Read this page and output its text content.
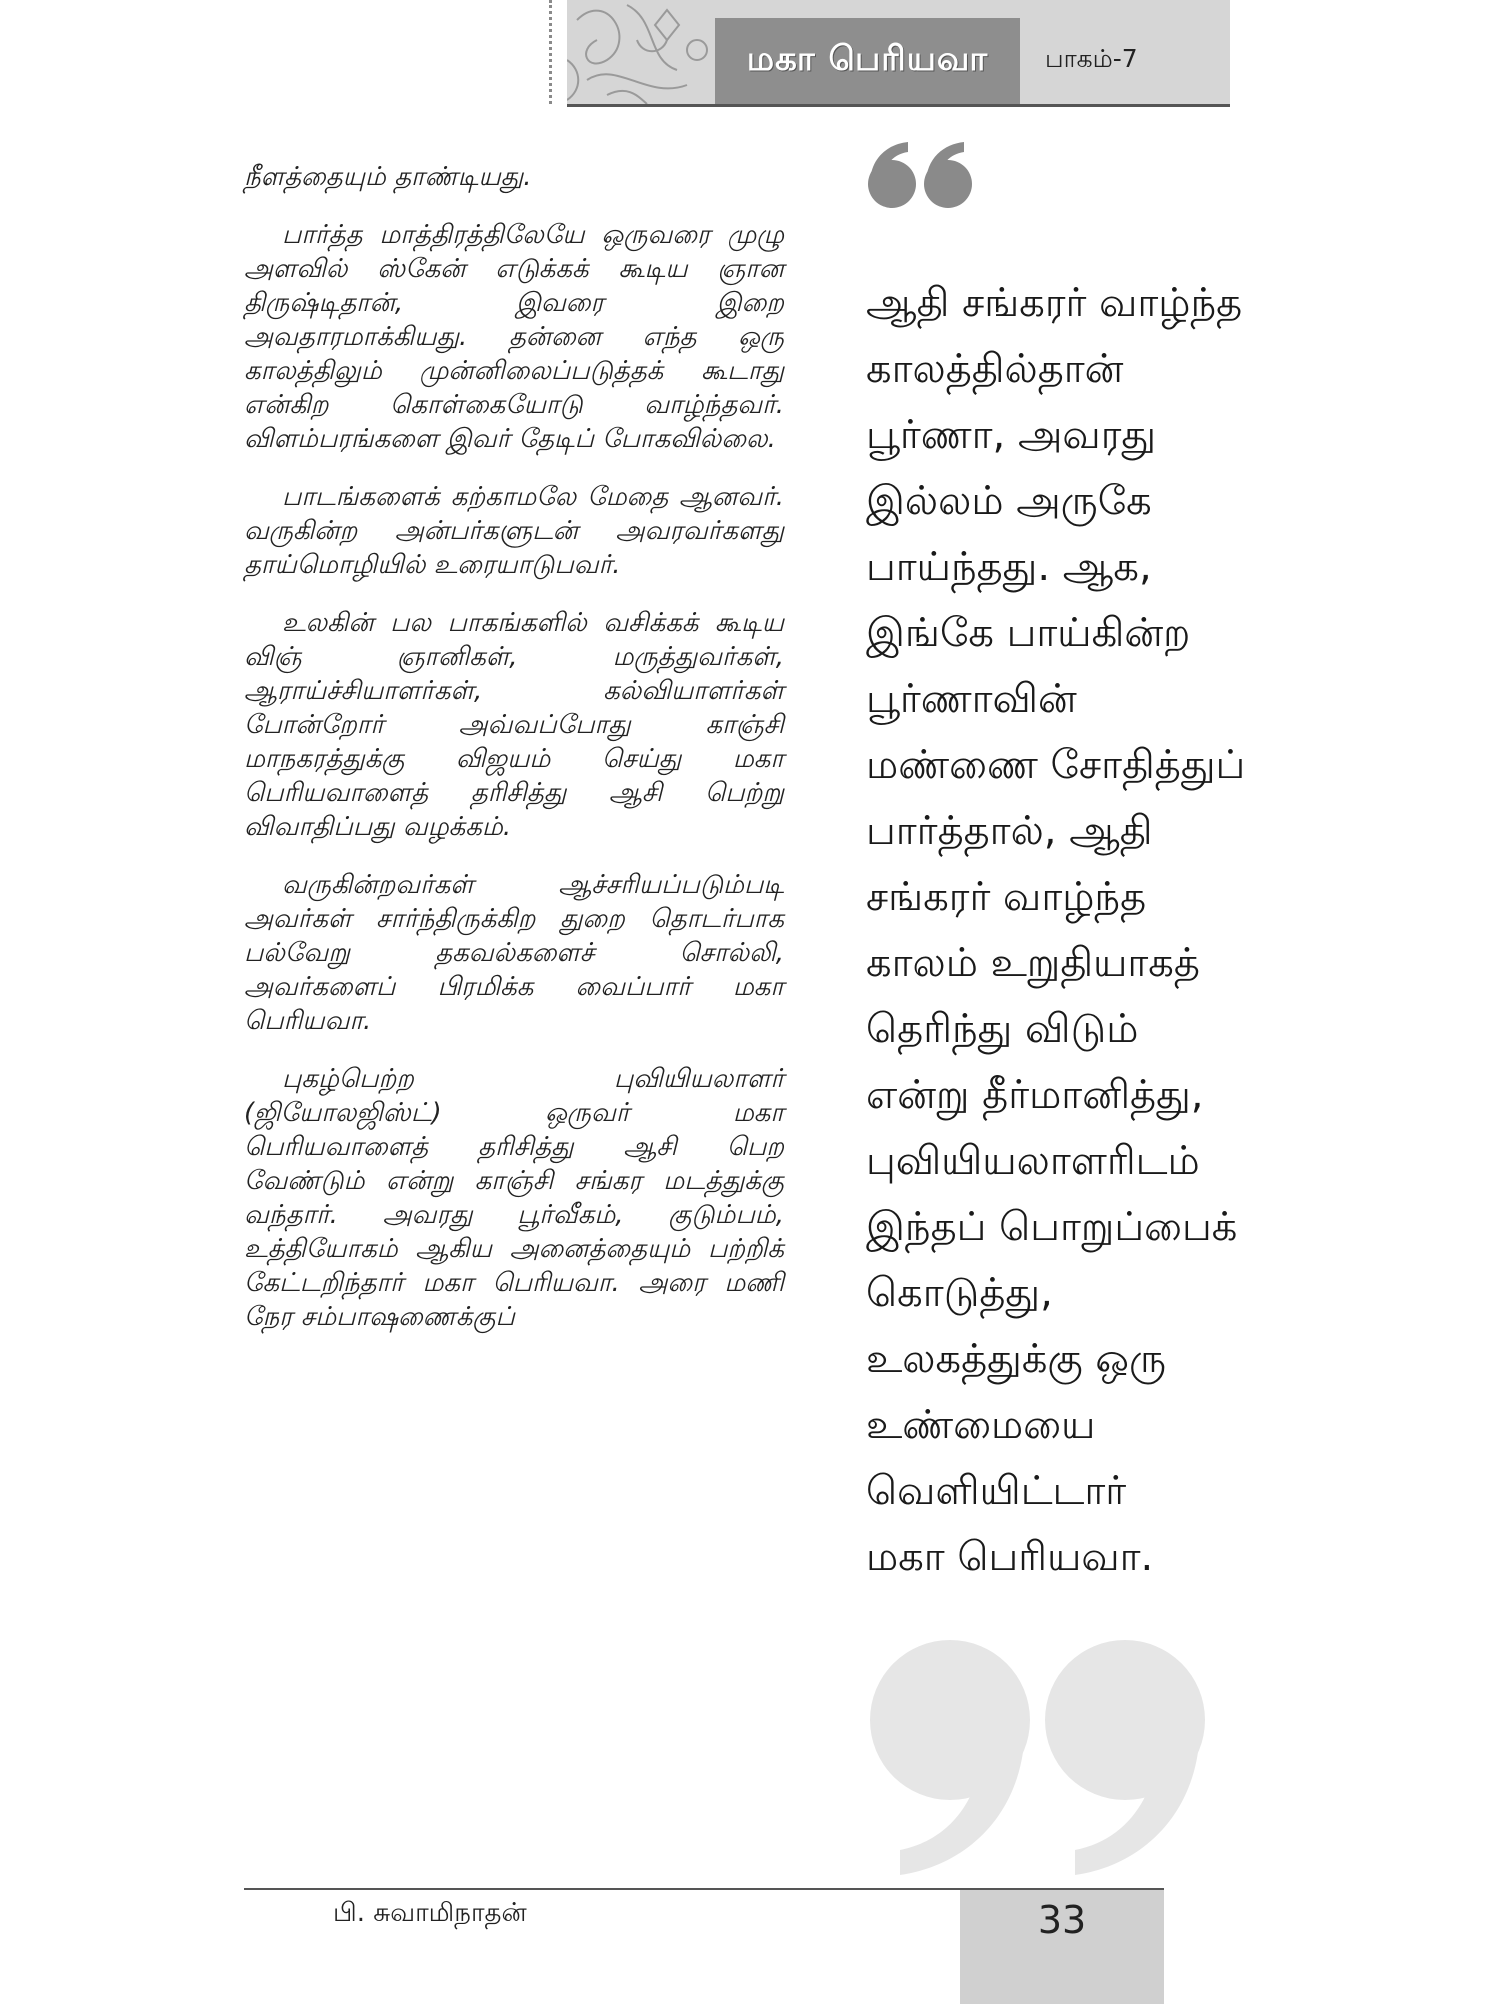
மகா பெரியவா பாகம்-7

நீளத்தையும் தாண்டியது.

பார்த்த மாத்திரத்திலேயே ஒருவரை முழு அளவில் ஸ்கேன் எடுக்கக் கூடிய ஞான திருஷ்டிதான், இவரை இறை அவதாரமாக்கியது. தன்னை எந்த ஒரு காலத்திலும் முன்னிலைப்படுத்தக் கூடாது என்கிற கொள்கையோடு வாழ்ந்தவர். விளம்பரங்களை இவர் தேடிப் போகவில்லை.

பாடங்களைக் கற்காமலே மேதை ஆனவர். வருகின்ற அன்பர்களுடன் அவரவர்களது தாய்மொழியில் உரையாடுபவர்.

உலகின் பல பாகங்களில் வசிக்கக் கூடிய விஞ் ஞானிகள், மருத்துவர்கள், ஆராய்ச்சியாளர்கள், கல்வியாளர்கள் போன்றோர் அவ்வப்போது காஞ்சி மாநகரத்துக்கு விஜயம் செய்து மகா பெரியவாளைத் தரிசித்து ஆசி பெற்று விவாதிப்பது வழக்கம்.

வருகின்றவர்கள் ஆச்சரியப்படும்படி அவர்கள் சார்ந்திருக்கிற துறை தொடர்பாக பல்வேறு தகவல்களைச் சொல்லி, அவர்களைப் பிரமிக்க வைப்பார் மகா பெரியவா.

புகழ்பெற்ற புவியியலாளர் (ஜியோலஜிஸ்ட்) ஒருவர் மகா பெரியவாளைத் தரிசித்து ஆசி பெற வேண்டும் என்று காஞ்சி சங்கர மடத்துக்கு வந்தார். அவரது பூர்வீகம், குடும்பம், உத்தியோகம் ஆகிய அனைத்தையும் பற்றிக் கேட்டறிந்தார் மகா பெரியவா. அரை மணி நேர சம்பாஷணைக்குப்

ஆதி சங்கரர் வாழ்ந்த
காலத்தில்தான்
பூர்ணா, அவரது
இல்லம் அருகே
பாய்ந்தது. ஆக,
இங்கே பாய்கின்ற
பூர்ணாவின்
மண்ணை சோதித்துப்
பார்த்தால், ஆதி
சங்கரர் வாழ்ந்த
காலம் உறுதியாகத்
தெரிந்து விடும்
என்று தீர்மானித்து,
புவியியலாளரிடம்
இந்தப் பொறுப்பைக்
கொடுத்து,
உலகத்துக்கு ஒரு
உண்மையை
வெளியிட்டார்
மகா பெரியவா.
பி. சுவாமிநாதன்	33
